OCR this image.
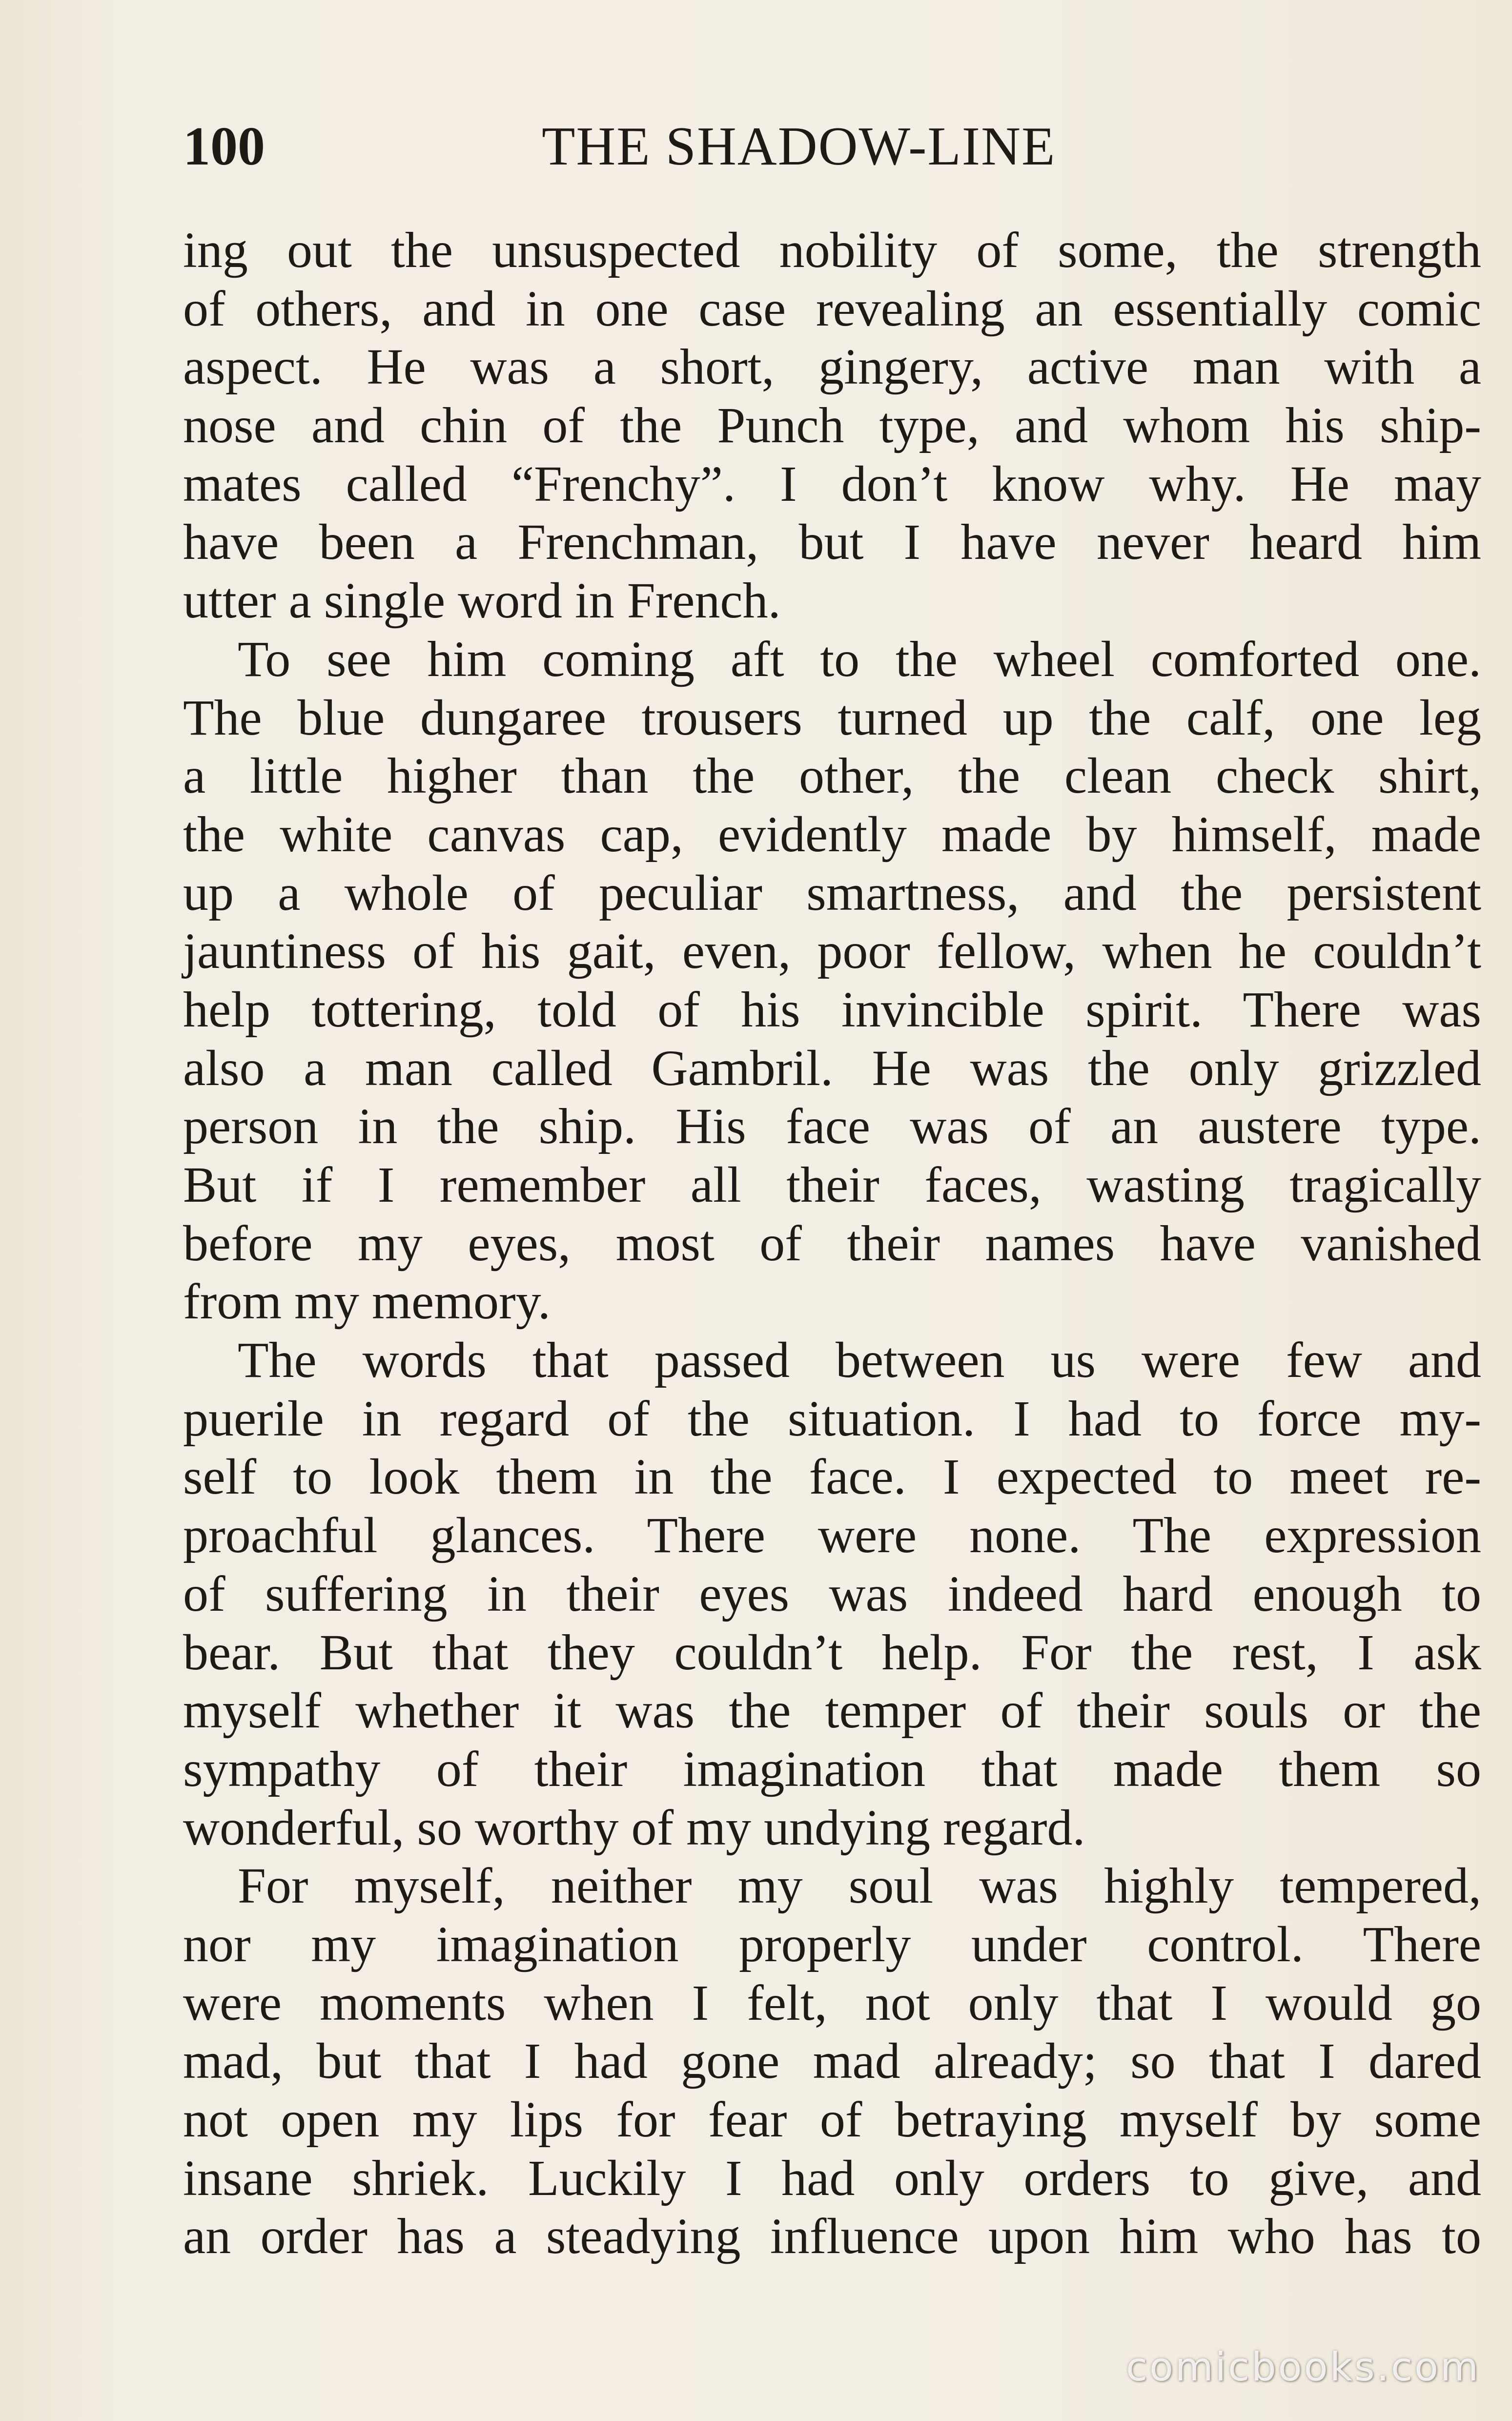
100	THE SHADOW-LINE
ing out the unsuspected nobility of some, the strength
of others, and in one case revealing an essentially comic
aspect. He was a short, gingery, active man with a
nose and chin of the Punch type, and whom his ship-
mates called “Frenchy”. I don’t know why. He may
have been a Frenchman, but I have never heard him
utter a single word in French.
To see him coming aft to the wheel comforted one.
The blue dungaree trousers turned up the calf, one leg
a little higher than the other, the clean check shirt,
the white canvas cap, evidently made by himself, made
up a whole of peculiar smartness, and the persistent
jauntiness of his gait, even, poor fellow, when he couldn’t
help tottering, told of his invincible spirit. There was
also a man called Gambril. He was the only grizzled
person in the ship. His face was of an austere type.
But if I remember all their faces, wasting tragically
before my eyes, most of their names have vanished
from my memory.
The words that passed between us were few and
puerile in regard of the situation. I had to force my-
self to look them in the face. I expected to meet re-
proachful glances. There were none. The expression
of suffering in their eyes was indeed hard enough to
bear. But that they couldn’t help. For the rest, I ask
myself whether it was the temper of their souls or the
sympathy of their imagination that made them so
wonderful, so worthy of my undying regard.
For myself, neither my soul was highly tempered,
nor my imagination properly under control. There
were moments when I felt, not only that I would go
mad, but that I had gone mad already; so that I dared
not open my lips for fear of betraying myself by some
insane shriek. Luckily I had only orders to give, and
an order has a steadying influence upon him who has to
comicbooks.com
